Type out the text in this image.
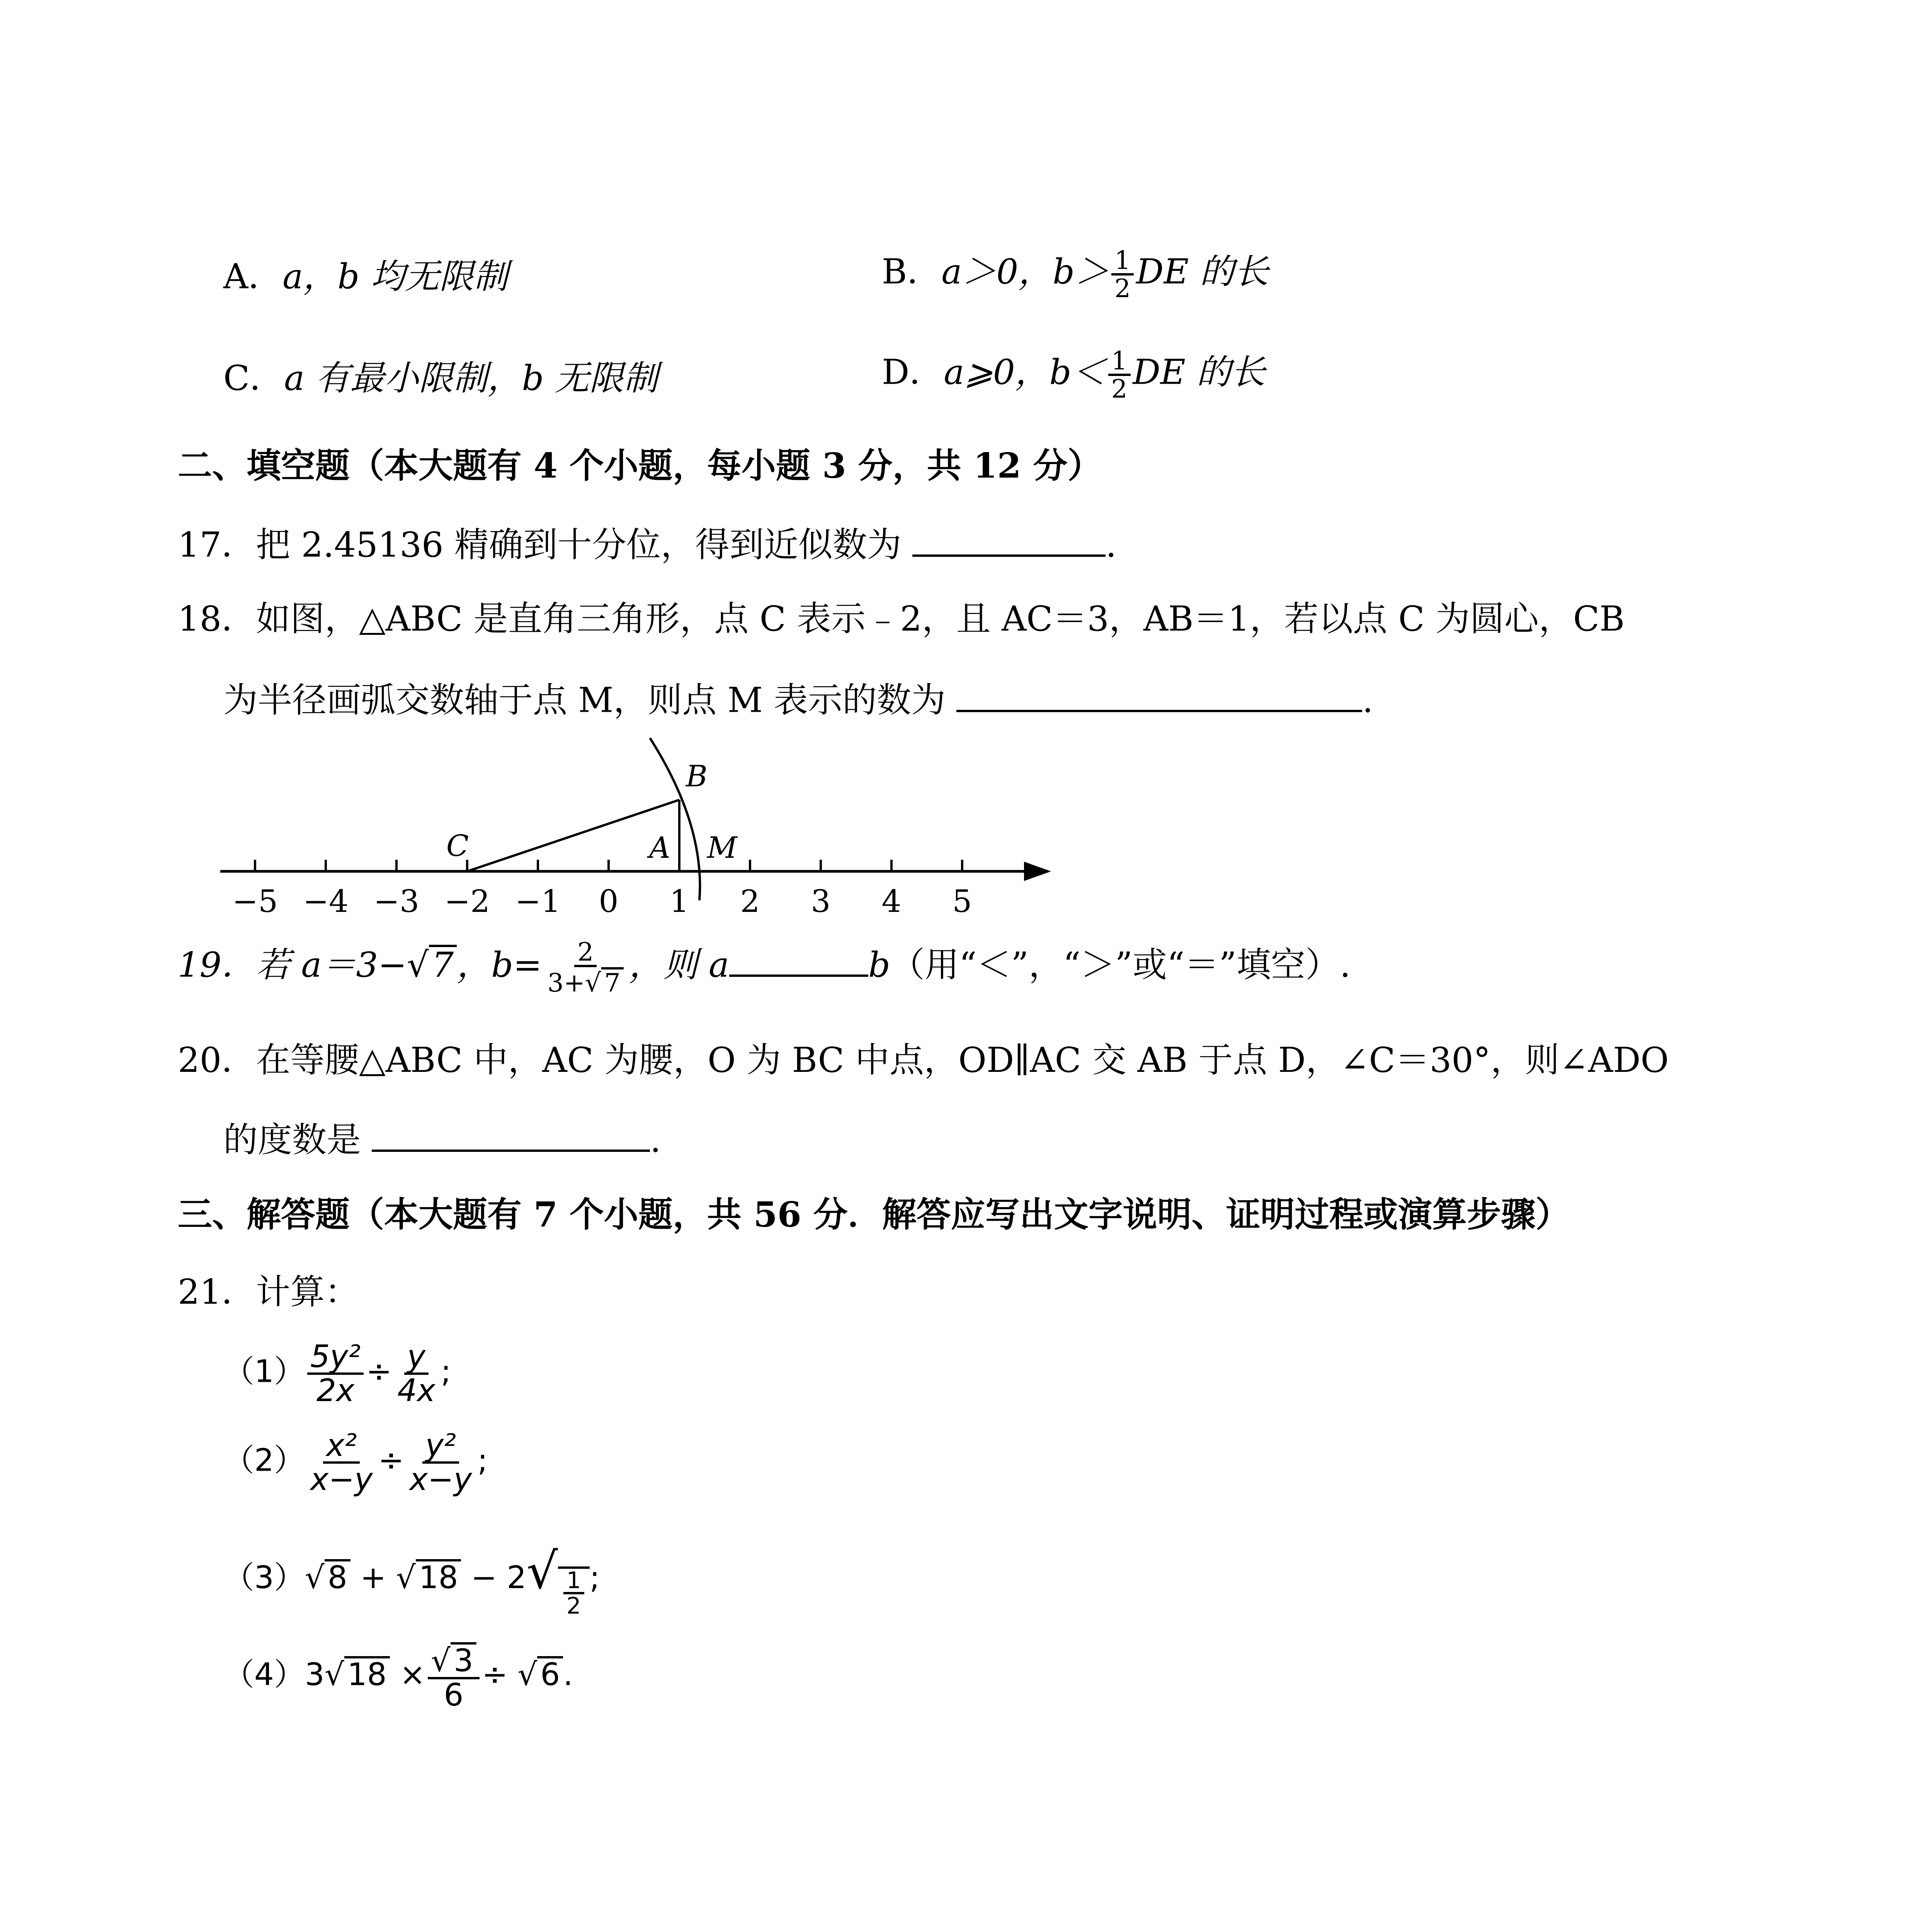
A．a，b 均无限制	B．a＞0，$b> \frac{1}{2}$ DE 的长
C．a 有最小限制，b 无限制	D．a⩾0，$b< \frac{1}{2}$ DE 的长
二、填空题（本大题有 4 个小题，每小题 3 分，共 12 分）
17．把 2.45136 精确到十分位，得到近似数为	.
18．如图，△ABC 是直角三角形，点 C 表示﹣2，且 AC＝3，AB＝1，若以点 C 为圆心，CB
为半径画弧交数轴于点 M，则点 M 表示的数为	.
−5 −4 −3 −2 −1 0 1 2 3 4 5
B
C	A M
19．若 a＝3−√7，$b= \frac{2}{3+√ 7}$ ，则 a	b（用“＜”，“＞”或“＝”填空）.
20．在等腰△ABC 中，AC 为腰，O 为 BC 中点，OD∥AC 交 AB 于点 D，∠C＝30°，则∠ADO
的度数是	.
三、解答题（本大题有 7 个小题，共 56 分．解答应写出文字说明、证明过程或演算步骤）
21．计算：
$(1) \frac{\text{5y²}}{2x} \div \frac{y}{4x}$ ;
$(2) \frac{\text{x²}}{x-y} \div \frac{\text{y²}}{x-y}$ ;
（3）√ 8 + √ $18 - 2√ \frac{1}{2}$ ;
（4）3√ $18 \times \frac{√ 3}{6}$ ÷ √ 6 .
